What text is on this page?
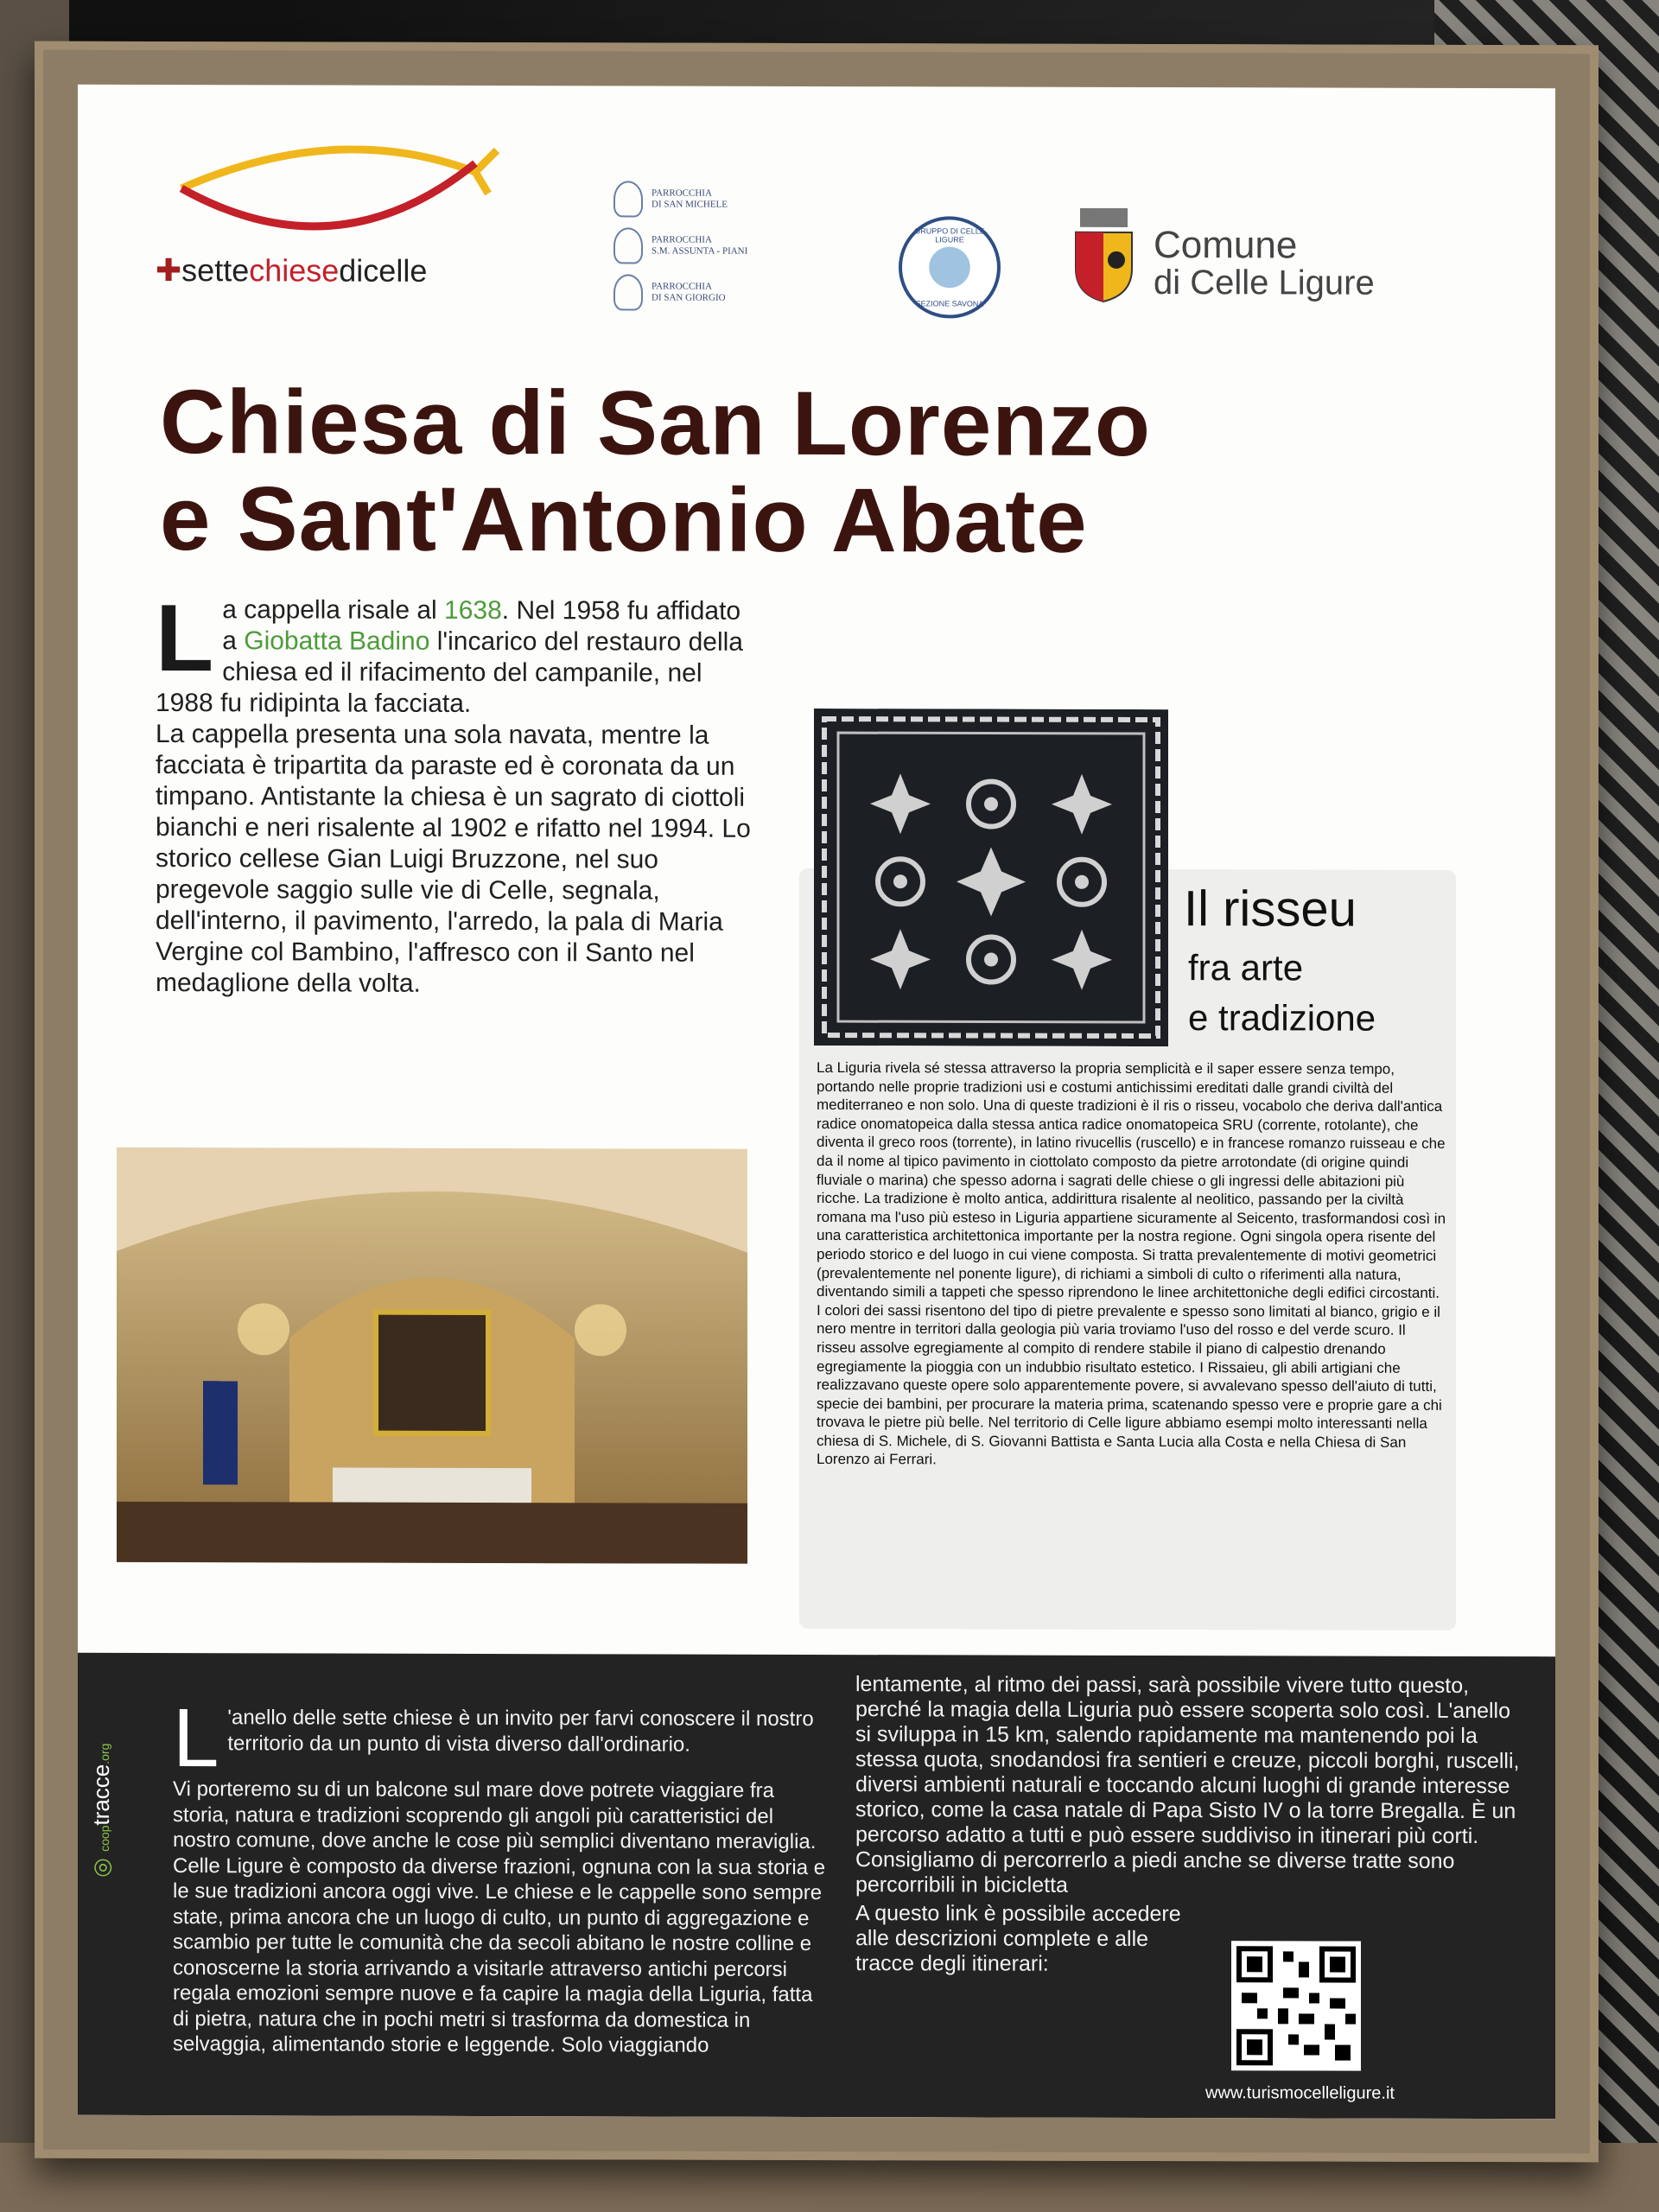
✚settechiesedicelle
PARROCCHIA
DI SAN MICHELE
PARROCCHIA
S.M. ASSUNTA - PIANI
PARROCCHIA
DI SAN GIORGIO
GRUPPO DI CELLE LIGURE
SEZIONE SAVONA
Comune
di Celle Ligure
Chiesa di San Lorenzo
e Sant'Antonio Abate
La cappella risale al 1638. Nel 1958 fu affidato a Giobatta Badino l'incarico del restauro della chiesa ed il rifacimento del campanile, nel 1988 fu ridipinta la facciata.
La cappella presenta una sola navata, mentre la facciata è tripartita da paraste ed è coronata da un timpano. Antistante la chiesa è un sagrato di ciottoli bianchi e neri risalente al 1902 e rifatto nel 1994. Lo storico cellese Gian Luigi Bruzzone, nel suo pregevole saggio sulle vie di Celle, segnala, dell'interno, il pavimento, l'arredo, la pala di Maria Vergine col Bambino, l'affresco con il Santo nel medaglione della volta.
Il risseu
fra arte
e tradizione
La Liguria rivela sé stessa attraverso la propria semplicità e il saper essere senza tempo, portando nelle proprie tradizioni usi e costumi antichissimi ereditati dalle grandi civiltà del mediterraneo e non solo. Una di queste tradizioni è il ris o risseu, vocabolo che deriva dall'antica radice onomatopeica dalla stessa antica radice onomatopeica SRU (corrente, rotolante), che diventa il greco roos (torrente), in latino rivucellis (ruscello) e in francese romanzo ruisseau e che da il nome al tipico pavimento in ciottolato composto da pietre arrotondate (di origine quindi fluviale o marina) che spesso adorna i sagrati delle chiese o gli ingressi delle abitazioni più ricche. La tradizione è molto antica, addirittura risalente al neolitico, passando per la civiltà romana ma l'uso più esteso in Liguria appartiene sicuramente al Seicento, trasformandosi così in una caratteristica architettonica importante per la nostra regione. Ogni singola opera risente del periodo storico e del luogo in cui viene composta. Si tratta prevalentemente di motivi geometrici (prevalentemente nel ponente ligure), di richiami a simboli di culto o riferimenti alla natura, diventando simili a tappeti che spesso riprendono le linee architettoniche degli edifici circostanti. I colori dei sassi risentono del tipo di pietre prevalente e spesso sono limitati al bianco, grigio e il nero mentre in territori dalla geologia più varia troviamo l'uso del rosso e del verde scuro. Il risseu assolve egregiamente al compito di rendere stabile il piano di calpestio drenando egregiamente la pioggia con un indubbio risultato estetico. I Rissaieu, gli abili artigiani che realizzavano queste opere solo apparentemente povere, si avvalevano spesso dell'aiuto di tutti, specie dei bambini, per procurare la materia prima, scatenando spesso vere e proprie gare a chi trovava le pietre più belle. Nel territorio di Celle ligure abbiamo esempi molto interessanti nella chiesa di S. Michele, di S. Giovanni Battista e Santa Lucia alla Costa e nella Chiesa di San Lorenzo ai Ferrari.
◎ cooptracce.org L 'anello delle sette chiese è un invito per farvi conoscere il nostro territorio da un punto di vista diverso dall'ordinario.
Vi porteremo su di un balcone sul mare dove potrete viaggiare fra storia, natura e tradizioni scoprendo gli angoli più caratteristici del nostro comune, dove anche le cose più semplici diventano meraviglia. Celle Ligure è composto da diverse frazioni, ognuna con la sua storia e le sue tradizioni ancora oggi vive. Le chiese e le cappelle sono sempre state, prima ancora che un luogo di culto, un punto di aggregazione e scambio per tutte le comunità che da secoli abitano le nostre colline e conoscerne la storia arrivando a visitarle attraverso antichi percorsi regala emozioni sempre nuove e fa capire la magia della Liguria, fatta di pietra, natura che in pochi metri si trasforma da domestica in selvaggia, alimentando storie e leggende. Solo viaggiando
lentamente, al ritmo dei passi, sarà possibile vivere tutto questo, perché la magia della Liguria può essere scoperta solo così. L'anello si sviluppa in 15 km, salendo rapidamente ma mantenendo poi la stessa quota, snodandosi fra sentieri e creuze, piccoli borghi, ruscelli, diversi ambienti naturali e toccando alcuni luoghi di grande interesse storico, come la casa natale di Papa Sisto IV o la torre Bregalla. È un percorso adatto a tutti e può essere suddiviso in itinerari più corti. Consigliamo di percorrerlo a piedi anche se diverse tratte sono percorribili in bicicletta
A questo link è possibile accedere alle descrizioni complete e alle tracce degli itinerari:
www.turismocelleligure.it
